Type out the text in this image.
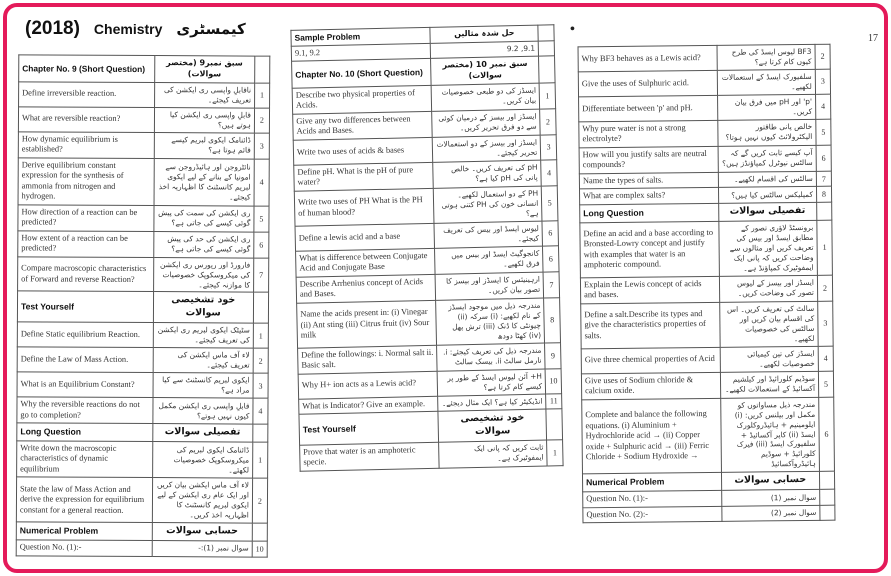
(2018) Chemistry کیمسٹری	•
17
Chapter No. 9 (Short Question)	سبق نمبر9 (مختصر سوالات)	
Define irreversible reaction.	ناقابلِ واپسی ری ایکشن کی تعریف کیجئے۔	1
What are reversible reaction?	قابلِ واپسی ری ایکشن کیا ہوتے ہیں؟	2
How dynamic equilibrium is established?	ڈائنامک ایکوی لبریم کیسے قائم ہوتا ہے؟	3
Derive equilibrium constant expression for the synthesis of ammonia from nitrogen and hydrogen.	نائٹروجن اور ہائیڈروجن سے امونیا کے بنانے کے لیے ایکوی لبریم کانسٹنٹ کا اظہاریہ اخذ کیجئے۔	4
How direction of a reaction can be predicted?	ری ایکشن کی سمت کی پیش گوئی کیسے کی جاتی ہے؟	5
How extent of a reaction can be predicted?	ری ایکشن کی حد کی پیش گوئی کیسے کی جاتی ہے؟	6
Compare macroscopic characteristics of Forward and reverse Reaction?	فارورڈ اور ریورس ری ایکشن کی میکروسکوپک خصوصیات کا موازنہ کیجئے۔	7
Test Yourself	خود تشخیصی سوالات	
Define Static equilibrium Reaction.	سٹیٹک ایکوی لبریم ری ایکشن کی تعریف کیجئے۔	1
Define the Law of Mass Action.	لاء آف ماس ایکشن کی تعریف کیجئے۔	2
What is an Equilibrium Constant?	ایکوی لبریم کانسٹنٹ سے کیا مراد ہے؟	3
Why the reversible reactions do not go to completion?	قابلِ واپسی ری ایکشن مکمل کیوں نہیں ہوتے؟	4
Long Question	تفصیلی سوالات	
Write down the macroscopic characteristics of dynamic equilibrium	ڈائنامک ایکوی لبریم کی میکروسکوپک خصوصیات لکھئے۔	1
State the law of Mass Action and derive the expression for equilibrium constant for a general reaction.	لاء آف ماس ایکشن بیان کریں اور ایک عام ری ایکشن کے لیے ایکوی لبریم کانسٹنٹ کا اظہاریہ اخذ کریں۔	2
Numerical Problem	حسابی سوالات	
Question No. (1):-	سوال نمبر (1):-	10
Sample Problem	حل شدہ مثالیں	
9.1, 9.2	9.1, 9.2	
Chapter No. 10 (Short Question)	سبق نمبر 10 (مختصر سوالات)	
Describe two physical properties of Acids.	ایسڈز کی دو طبعی خصوصیات بیان کریں۔	1
Give any two differences between Acids and Bases.	ایسڈز اور بیسز کے درمیان کوئی سے دو فرق تحریر کریں۔	2
Write two uses of acids & bases	ایسڈز اور بیسز کے دو استعمالات تحریر کیجئے۔	3
Define pH. What is the pH of pure water?	pH کی تعریف کریں۔ خالص پانی کی pH کیا ہے؟	4
Write two uses of PH What is the PH of human blood?	PH کے دو استعمال لکھیے۔ انسانی خون کی PH کتنی ہوتی ہے؟	5
Define a lewis acid and a base	لیوس ایسڈ اور بیس کی تعریف کیجئے۔	6
What is difference between Conjugate Acid and Conjugate Base	کانجوگیٹ ایسڈ اور بیس میں فرق لکھیے۔	6
Describe Arrhenius concept of Acids and Bases.	ارہینیئس کا ایسڈز اور بیسز کا تصور بیان کریں۔	7
Name the acids present in: (i) Vinegar (ii) Ant sting (iii) Citrus fruit (iv) Sour milk	مندرجہ ذیل میں موجود ایسڈز کے نام لکھیے: (i) سرکہ (ii) چیونٹی کا ڈنک (iii) ترش پھل (iv) کھٹا دودھ	8
Define the followings: i. Normal salt ii. Basic salt.	مندرجہ ذیل کی تعریف کیجئے: i. نارمل سالٹ ii. بیسک سالٹ	9
Why H+ ion acts as a Lewis acid?	H+ آئن لیوس ایسڈ کے طور پر کیسے کام کرتا ہے؟	10
What is Indicator? Give an example.	انڈیکیٹر کیا ہے؟ ایک مثال دیجئے۔	11
Test Yourself	خود تشخیصی سوالات	
Prove that water is an amphoteric specie.	ثابت کریں کہ پانی ایک ایمفوٹیرک ہے۔	1
Why BF3 behaves as a Lewis acid?	BF3 لیوس ایسڈ کی طرح کیوں کام کرتا ہے؟	2
Give the uses of Sulphuric acid.	سلفیورک ایسڈ کے استعمالات لکھیے۔	3
Differentiate between 'p' and pH.	'p' اور pH میں فرق بیان کریں۔	4
Why pure water is not a strong electrolyte?	خالص پانی طاقتور الیکٹرولائٹ کیوں نہیں ہوتا؟	5
How will you justify salts are neutral compounds?	آپ کیسے ثابت کریں گے کہ سالٹس نیوٹرل کمپاؤنڈز ہیں؟	6
Name the types of salts.	سالٹس کی اقسام لکھیے۔	7
What are complex salts?	کمپلیکس سالٹس کیا ہیں؟	8
Long Question	تفصیلی سوالات	
Define an acid and a base according to Bronsted-Lowry concept and justify with examples that water is an amphoteric compound.	برونسٹڈ لاؤری تصور کے مطابق ایسڈ اور بیس کی تعریف کریں اور مثالوں سے وضاحت کریں کہ پانی ایک ایمفوٹیرک کمپاؤنڈ ہے۔	1
Explain the Lewis concept of acids and bases.	ایسڈز اور بیسز کے لیوس تصور کی وضاحت کریں۔	2
Define a salt.Describe its types and give the characteristics properties of salts.	سالٹ کی تعریف کریں۔ اس کی اقسام بیان کریں اور سالٹس کی خصوصیات لکھیے۔	3
Give three chemical properties of Acid	ایسڈز کی تین کیمیائی خصوصیات لکھیے۔	4
Give uses of Sodium chloride & calcium oxide.	سوڈیم کلورائیڈ اور کیلشیم آکسائیڈ کے استعمالات لکھیے۔	5
Complete and balance the following equations. (i) Aluminium + Hydrochloride acid → (ii) Copper oxide + Sulphuric acid → (iii) Ferric Chloride + Sodium Hydroxide →	مندرجہ ذیل مساواتوں کو مکمل اور بیلنس کریں: (i) ایلومینیم + ہائیڈروکلورک ایسڈ (ii) کاپر آکسائیڈ + سلفیورک ایسڈ (iii) فیرک کلورائیڈ + سوڈیم ہائیڈروآکسائیڈ	6
Numerical Problem	حسابی سوالات	
Question No. (1):-	سوال نمبر (1)	
Question No. (2):-	سوال نمبر (2)	
